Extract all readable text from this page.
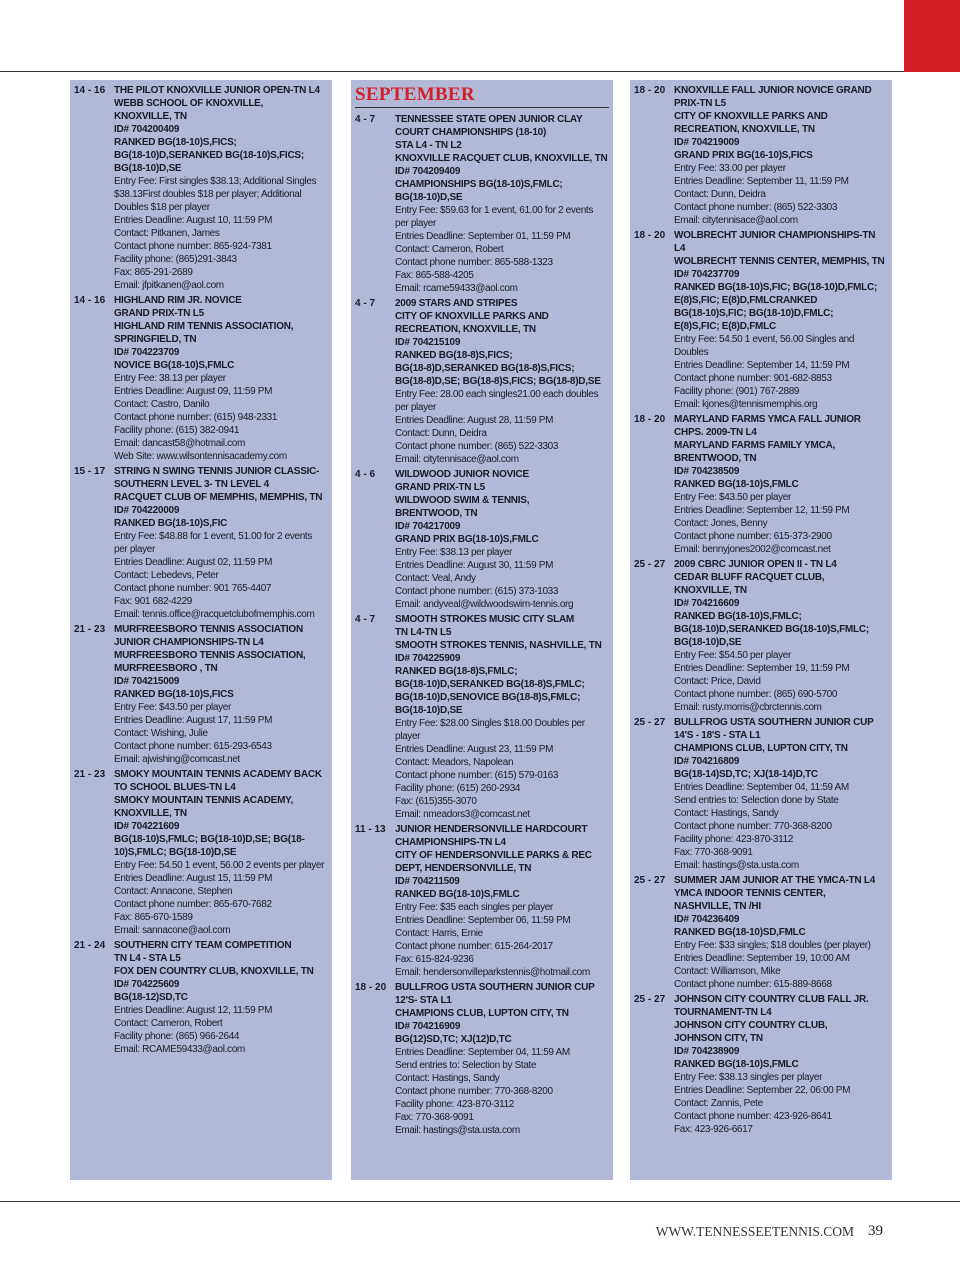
14 - 16 THE PILOT KNOXVILLE JUNIOR OPEN-TN L4
WEBB SCHOOL OF KNOXVILLE,
KNOXVILLE, TN
ID# 704200409
RANKED BG(18-10)S,FICS;
BG(18-10)D,SERANKED BG(18-10)S,FICS;
BG(18-10)D,SE
Entry Fee: First singles $38.13; Additional Singles
$38.13First doubles $18 per player; Additional
Doubles $18 per player
Entries Deadline: August 10, 11:59 PM
Contact: Pitkanen, James
Contact phone number: 865-924-7381
Facility phone: (865)291-3843
Fax: 865-291-2689
Email: jfpitkanen@aol.com
14 - 16 HIGHLAND RIM JR. NOVICE
GRAND PRIX-TN L5
HIGHLAND RIM TENNIS ASSOCIATION,
SPRINGFIELD, TN
ID# 704223709
NOVICE BG(18-10)S,FMLC
Entry Fee: 38.13 per player
Entries Deadline: August 09, 11:59 PM
Contact: Castro, Danilo
Contact phone number: (615) 948-2331
Facility phone: (615) 382-0941
Email: dancast58@hotmail.com
Web Site: www.wilsontennisacademy.com
15 - 17 STRING N SWING TENNIS JUNIOR CLASSIC-
SOUTHERN LEVEL 3- TN LEVEL 4
RACQUET CLUB OF MEMPHIS, MEMPHIS, TN
ID# 704220009
RANKED BG(18-10)S,FIC
Entry Fee: $48.88 for 1 event, 51.00 for 2 events
per player
Entries Deadline: August 02, 11:59 PM
Contact: Lebedevs, Peter
Contact phone number: 901 765-4407
Fax: 901 682-4229
Email: tennis.office@racquetclubofmemphis.com
21 - 23 MURFREESBORO TENNIS ASSOCIATION
JUNIOR CHAMPIONSHIPS-TN L4
MURFREESBORO TENNIS ASSOCIATION,
MURFREESBORO , TN
ID# 704215009
RANKED BG(18-10)S,FICS
Entry Fee: $43.50 per player
Entries Deadline: August 17, 11:59 PM
Contact: Wishing, Julie
Contact phone number: 615-293-6543
Email: ajwishing@comcast.net
21 - 23 SMOKY MOUNTAIN TENNIS ACADEMY BACK
TO SCHOOL BLUES-TN L4
SMOKY MOUNTAIN TENNIS ACADEMY,
KNOXVILLE, TN
ID# 704221609
BG(18-10)S,FMLC; BG(18-10)D,SE; BG(18-
10)S,FMLC; BG(18-10)D,SE
Entry Fee: 54.50 1 event, 56.00 2 events per player
Entries Deadline: August 15, 11:59 PM
Contact: Annacone, Stephen
Contact phone number: 865-670-7682
Fax: 865-670-1589
Email: sannacone@aol.com
21 - 24 SOUTHERN CITY TEAM COMPETITION
TN L4 - STA L5
FOX DEN COUNTRY CLUB, KNOXVILLE, TN
ID# 704225609
BG(18-12)SD,TC
Entries Deadline: August 12, 11:59 PM
Contact: Cameron, Robert
Facility phone: (865) 966-2644
Email: RCAME59433@aol.com
SEPTEMBER
4 - 7	TENNESSEE STATE OPEN JUNIOR CLAY
COURT CHAMPIONSHIPS (18-10)
STA L4 - TN L2
KNOXVILLE RACQUET CLUB, KNOXVILLE, TN
ID# 704209409
CHAMPIONSHIPS BG(18-10)S,FMLC;
BG(18-10)D,SE
Entry Fee: $59.63 for 1 event, 61.00 for 2 events
per player
Entries Deadline: September 01, 11:59 PM
Contact: Cameron, Robert
Contact phone number: 865-588-1323
Fax: 865-588-4205
Email: rcame59433@aol.com
4 - 7	2009 STARS AND STRIPES
CITY OF KNOXVILLE PARKS AND
RECREATION, KNOXVILLE, TN
ID# 704215109
RANKED BG(18-8)S,FICS;
BG(18-8)D,SERANKED BG(18-8)S,FICS;
BG(18-8)D,SE; BG(18-8)S,FICS; BG(18-8)D,SE
Entry Fee: 28.00 each singles21.00 each doubles
per player
Entries Deadline: August 28, 11:59 PM
Contact: Dunn, Deidra
Contact phone number: (865) 522-3303
Email: citytennisace@aol.com
4 - 6	WILDWOOD JUNIOR NOVICE
GRAND PRIX-TN L5
WILDWOOD SWIM & TENNIS,
BRENTWOOD, TN
ID# 704217009
GRAND PRIX BG(18-10)S,FMLC
Entry Fee: $38.13 per player
Entries Deadline: August 30, 11:59 PM
Contact: Veal, Andy
Contact phone number: (615) 373-1033
Email: andyveal@wildwoodswim-tennis.org
4 - 7	SMOOTH STROKES MUSIC CITY SLAM
TN L4-TN L5
SMOOTH STROKES TENNIS, NASHVILLE, TN
ID# 704225909
RANKED BG(18-8)S,FMLC;
BG(18-10)D,SERANKED BG(18-8)S,FMLC;
BG(18-10)D,SENOVICE BG(18-8)S,FMLC;
BG(18-10)D,SE
Entry Fee: $28.00 Singles $18.00 Doubles per
player
Entries Deadline: August 23, 11:59 PM
Contact: Meadors, Napolean
Contact phone number: (615) 579-0163
Facility phone: (615) 260-2934
Fax: (615)355-3070
Email: nmeadors3@comcast.net
11 - 13 JUNIOR HENDERSONVILLE HARDCOURT
CHAMPIONSHIPS-TN L4
CITY OF HENDERSONVILLE PARKS & REC
DEPT, HENDERSONVILLE, TN
ID# 704211509
RANKED BG(18-10)S,FMLC
Entry Fee: $35 each singles per player
Entries Deadline: September 06, 11:59 PM
Contact: Harris, Ernie
Contact phone number: 615-264-2017
Fax: 615-824-9236
Email: hendersonvilleparkstennis@hotmail.com
18 - 20 BULLFROG USTA SOUTHERN JUNIOR CUP
12'S- STA L1
CHAMPIONS CLUB, LUPTON CITY, TN
ID# 704216909
BG(12)SD,TC; XJ(12)D,TC
Entries Deadline: September 04, 11:59 AM
Send entries to: Selection by State
Contact: Hastings, Sandy
Contact phone number: 770-368-8200
Facility phone: 423-870-3112
Fax: 770-368-9091
Email: hastings@sta.usta.com
18 - 20 KNOXVILLE FALL JUNIOR NOVICE GRAND
PRIX-TN L5
CITY OF KNOXVILLE PARKS AND
RECREATION, KNOXVILLE, TN
ID# 704219009
GRAND PRIX BG(16-10)S,FICS
Entry Fee: 33.00 per player
Entries Deadline: September 11, 11:59 PM
Contact: Dunn, Deidra
Contact phone number: (865) 522-3303
Email: citytennisace@aol.com
18 - 20 WOLBRECHT JUNIOR CHAMPIONSHIPS-TN L4
WOLBRECHT TENNIS CENTER, MEMPHIS, TN
ID# 704237709
RANKED BG(18-10)S,FIC; BG(18-10)D,FMLC;
E(8)S,FIC; E(8)D,FMLCRANKED
BG(18-10)S,FIC; BG(18-10)D,FMLC;
E(8)S,FIC; E(8)D,FMLC
Entry Fee: 54.50 1 event, 56.00 Singles and
Doubles
Entries Deadline: September 14, 11:59 PM
Contact phone number: 901-682-8853
Facility phone: (901) 767-2889
Email: kjones@tennismemphis.org
18 - 20 MARYLAND FARMS YMCA FALL JUNIOR
CHPS. 2009-TN L4
MARYLAND FARMS FAMILY YMCA,
BRENTWOOD, TN
ID# 704238509
RANKED BG(18-10)S,FMLC
Entry Fee: $43.50 per player
Entries Deadline: September 12, 11:59 PM
Contact: Jones, Benny
Contact phone number: 615-373-2900
Email: bennyjones2002@comcast.net
25 - 27 2009 CBRC JUNIOR OPEN II - TN L4
CEDAR BLUFF RACQUET CLUB,
KNOXVILLE, TN
ID# 704216609
RANKED BG(18-10)S,FMLC;
BG(18-10)D,SERANKED BG(18-10)S,FMLC;
BG(18-10)D,SE
Entry Fee: $54.50 per player
Entries Deadline: September 19, 11:59 PM
Contact: Price, David
Contact phone number: (865) 690-5700
Email: rusty.morris@cbrctennis.com
25 - 27 BULLFROG USTA SOUTHERN JUNIOR CUP
14'S - 18'S - STA L1
CHAMPIONS CLUB, LUPTON CITY, TN
ID# 704216809
BG(18-14)SD,TC; XJ(18-14)D,TC
Entries Deadline: September 04, 11:59 AM
Send entries to: Selection done by State
Contact: Hastings, Sandy
Contact phone number: 770-368-8200
Facility phone: 423-870-3112
Fax: 770-368-9091
Email: hastings@sta.usta.com
25 - 27 SUMMER JAM JUNIOR AT THE YMCA-TN L4
YMCA INDOOR TENNIS CENTER,
NASHVILLE, TN /HI
ID# 704236409
RANKED BG(18-10)SD,FMLC
Entry Fee: $33 singles; $18 doubles (per player)
Entries Deadline: September 19, 10:00 AM
Contact: Williamson, Mike
Contact phone number: 615-889-8668
25 - 27 JOHNSON CITY COUNTRY CLUB FALL JR.
TOURNAMENT-TN L4
JOHNSON CITY COUNTRY CLUB,
JOHNSON CITY, TN
ID# 704238909
RANKED BG(18-10)S,FMLC
Entry Fee: $38.13 singles per player
Entries Deadline: September 22, 06:00 PM
Contact: Zannis, Pete
Contact phone number: 423-926-8641
Fax: 423-926-6617
WWW.TENNESSEETENNIS.COM 39
